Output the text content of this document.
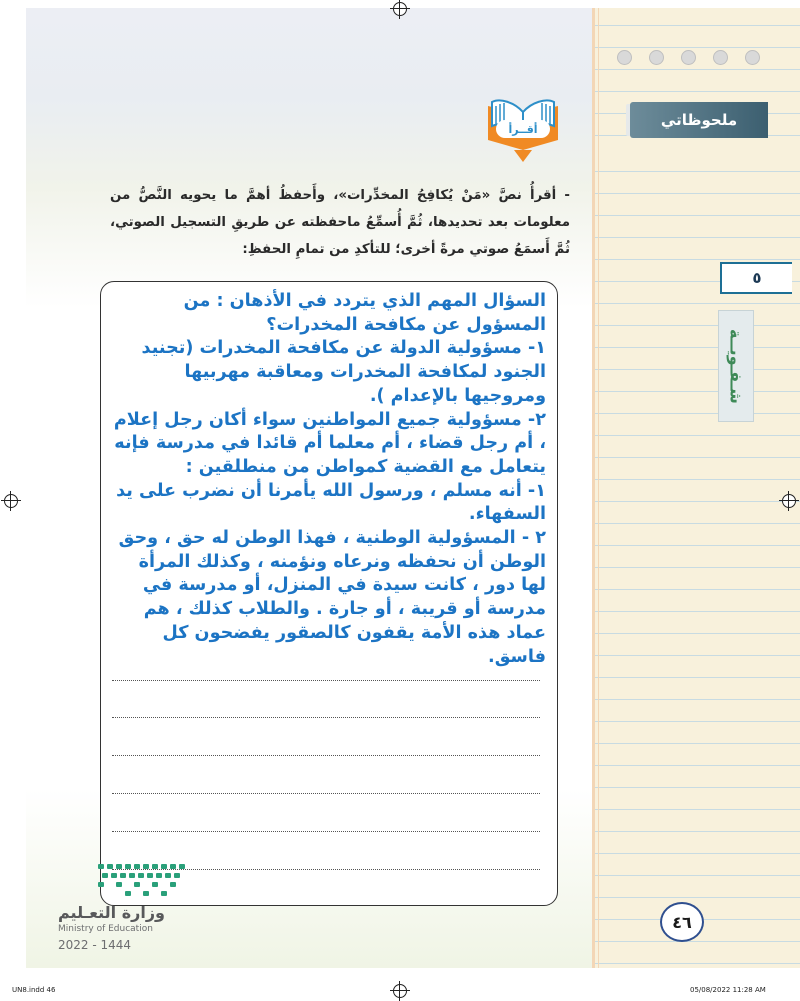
ملحوظاتي
٥
شـفـويــة
أقــرأ
- أقرأُ نصَّ «مَنْ يُكافِحُ المخدِّرات»، وأَحفظُ أهمَّ ما يحويه النَّصُّ من معلومات بعد تحديدها، ثُمَّ أُسمِّعُ ماحفظته عن طريقِ التسجيل الصوتي، ثُمَّ أَسمَعُ صوتي مرةً أخرى؛ للتأكدِ من تمامِ الحفظِ:

السؤال المهم الذي يتردد في الأذهان : من المسؤول عن مكافحة المخدرات؟

١- مسؤولية الدولة عن مكافحة المخدرات (تجنيد الجنود لمكافحة المخدرات ومعاقبة مهربيها ومروجيها بالإعدام ).

٢- مسؤولية جميع المواطنين سواء أكان رجل إعلام ، أم رجل قضاء ، أم معلما أم قائدا في مدرسة فإنه يتعامل مع القضية كمواطن من منطلقين :

١- أنه مسلم ، ورسول الله يأمرنا أن نضرب على يد السفهاء.

٢ - المسؤولية الوطنية ، فهذا الوطن له حق ، وحق الوطن أن نحفظه ونرعاه ونؤمنه ، وكذلك المرأة لها دور ، كانت سيدة في المنزل، أو مدرسة في مدرسة أو قريبة ، أو جارة . والطلاب كذلك ، هم عماد هذه الأمة يقفون كالصقور يفضحون كل فاسق.

وزارة التعـليم
Ministry of Education
2022 - 1444
٤٦
UN8.indd 46	05/08/2022 11:28 AM
